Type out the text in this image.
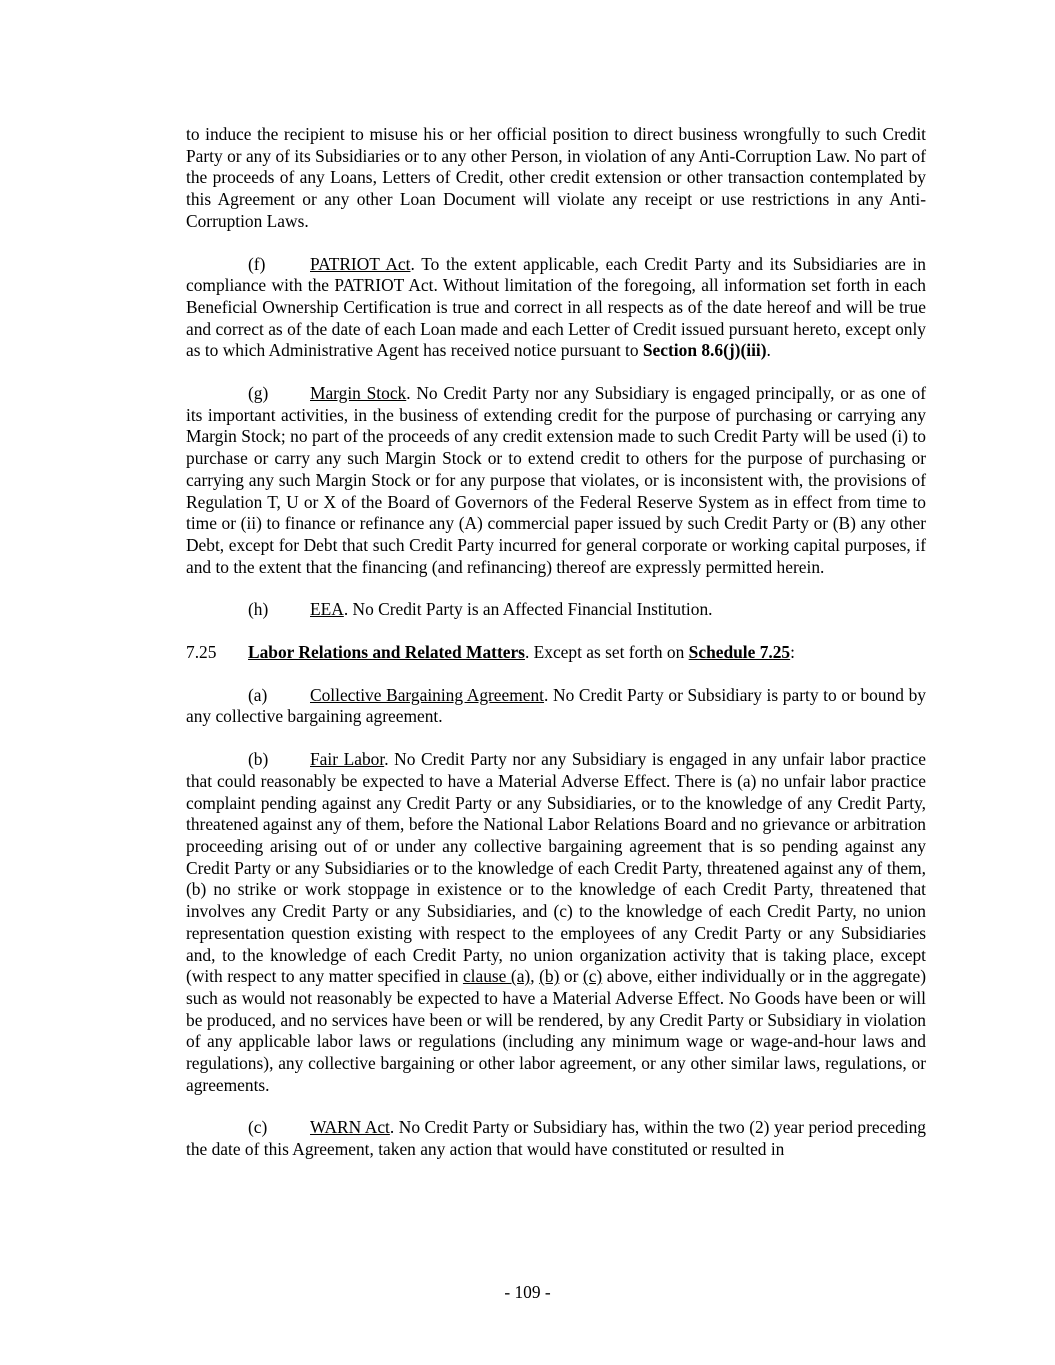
to induce the recipient to misuse his or her official position to direct business wrongfully to such Credit Party or any of its Subsidiaries or to any other Person, in violation of any Anti-Corruption Law. No part of the proceeds of any Loans, Letters of Credit, other credit extension or other transaction contemplated by this Agreement or any other Loan Document will violate any receipt or use restrictions in any Anti-Corruption Laws.

(f)	PATRIOT Act. To the extent applicable, each Credit Party and its Subsidiaries are in compliance with the PATRIOT Act. Without limitation of the foregoing, all information set forth in each Beneficial Ownership Certification is true and correct in all respects as of the date hereof and will be true and correct as of the date of each Loan made and each Letter of Credit issued pursuant hereto, except only as to which Administrative Agent has received notice pursuant to Section 8.6(j)(iii).

(g) Margin Stock. No Credit Party nor any Subsidiary is engaged principally, or as one of its important activities, in the business of extending credit for the purpose of purchasing or carrying any Margin Stock; no part of the proceeds of any credit extension made to such Credit Party will be used (i) to purchase or carry any such Margin Stock or to extend credit to others for the purpose of purchasing or carrying any such Margin Stock or for any purpose that violates, or is inconsistent with, the provisions of Regulation T, U or X of the Board of Governors of the Federal Reserve System as in effect from time to time or (ii) to finance or refinance any (A) commercial paper issued by such Credit Party or (B) any other Debt, except for Debt that such Credit Party incurred for general corporate or working capital purposes, if and to the extent that the financing (and refinancing) thereof are expressly permitted herein.

(h) EEA. No Credit Party is an Affected Financial Institution.

7.25 Labor Relations and Related Matters. Except as set forth on Schedule 7.25:

(a) Collective Bargaining Agreement. No Credit Party or Subsidiary is party to or bound by any collective bargaining agreement.

(b) Fair Labor. No Credit Party nor any Subsidiary is engaged in any unfair labor practice that could reasonably be expected to have a Material Adverse Effect. There is (a) no unfair labor practice complaint pending against any Credit Party or any Subsidiaries, or to the knowledge of any Credit Party, threatened against any of them, before the National Labor Relations Board and no grievance or arbitration proceeding arising out of or under any collective bargaining agreement that is so pending against any Credit Party or any Subsidiaries or to the knowledge of each Credit Party, threatened against any of them, (b) no strike or work stoppage in existence or to the knowledge of each Credit Party, threatened that involves any Credit Party or any Subsidiaries, and (c) to the knowledge of each Credit Party, no union representation question existing with respect to the employees of any Credit Party or any Subsidiaries and, to the knowledge of each Credit Party, no union organization activity that is taking place, except (with respect to any matter specified in clause (a), (b) or (c) above, either individually or in the aggregate) such as would not reasonably be expected to have a Material Adverse Effect. No Goods have been or will be produced, and no services have been or will be rendered, by any Credit Party or Subsidiary in violation of any applicable labor laws or regulations (including any minimum wage or wage-and-hour laws and regulations), any collective bargaining or other labor agreement, or any other similar laws, regulations, or agreements.

(c) WARN Act. No Credit Party or Subsidiary has, within the two (2) year period preceding the date of this Agreement, taken any action that would have constituted or resulted in

- 109 -
